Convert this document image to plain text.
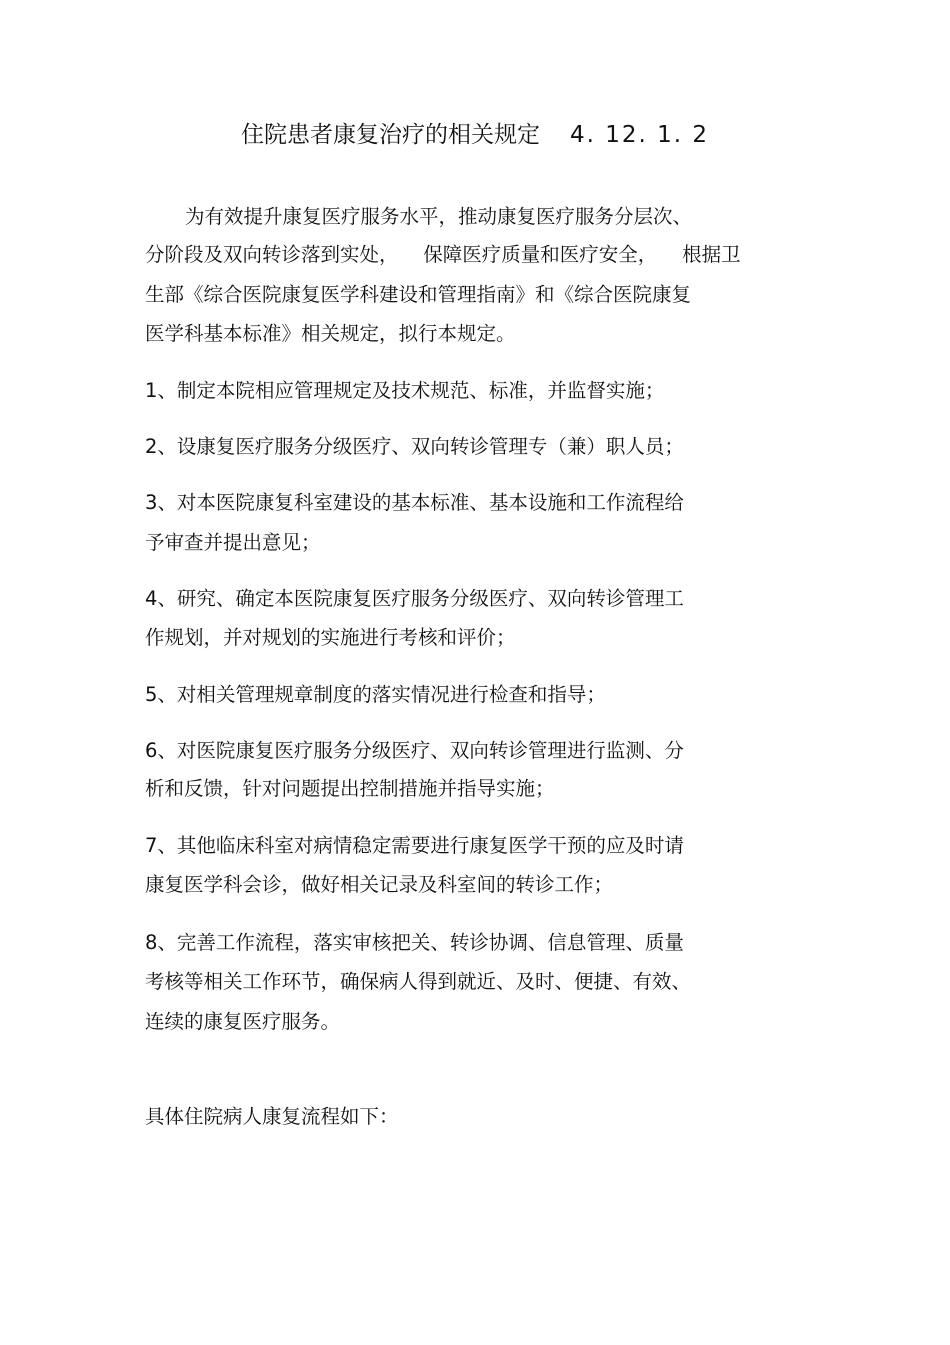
住院患者康复治疗的相关规定 4. 12. 1. 2
为有效提升康复医疗服务水平，推动康复医疗服务分层次、
分阶段及双向转诊落到实处，    保障医疗质量和医疗安全，    根据卫
生部《综合医院康复医学科建设和管理指南》和《综合医院康复
医学科基本标准》相关规定，拟行本规定。
1、制定本院相应管理规定及技术规范、标准，并监督实施；
2、设康复医疗服务分级医疗、双向转诊管理专（兼）职人员；
3、对本医院康复科室建设的基本标准、基本设施和工作流程给
予审查并提出意见；
4、研究、确定本医院康复医疗服务分级医疗、双向转诊管理工
作规划，并对规划的实施进行考核和评价；
5、对相关管理规章制度的落实情况进行检查和指导；
6、对医院康复医疗服务分级医疗、双向转诊管理进行监测、分
析和反馈，针对问题提出控制措施并指导实施；
7、其他临床科室对病情稳定需要进行康复医学干预的应及时请
康复医学科会诊，做好相关记录及科室间的转诊工作；
8、完善工作流程，落实审核把关、转诊协调、信息管理、质量
考核等相关工作环节，确保病人得到就近、及时、便捷、有效、
连续的康复医疗服务。
具体住院病人康复流程如下：
